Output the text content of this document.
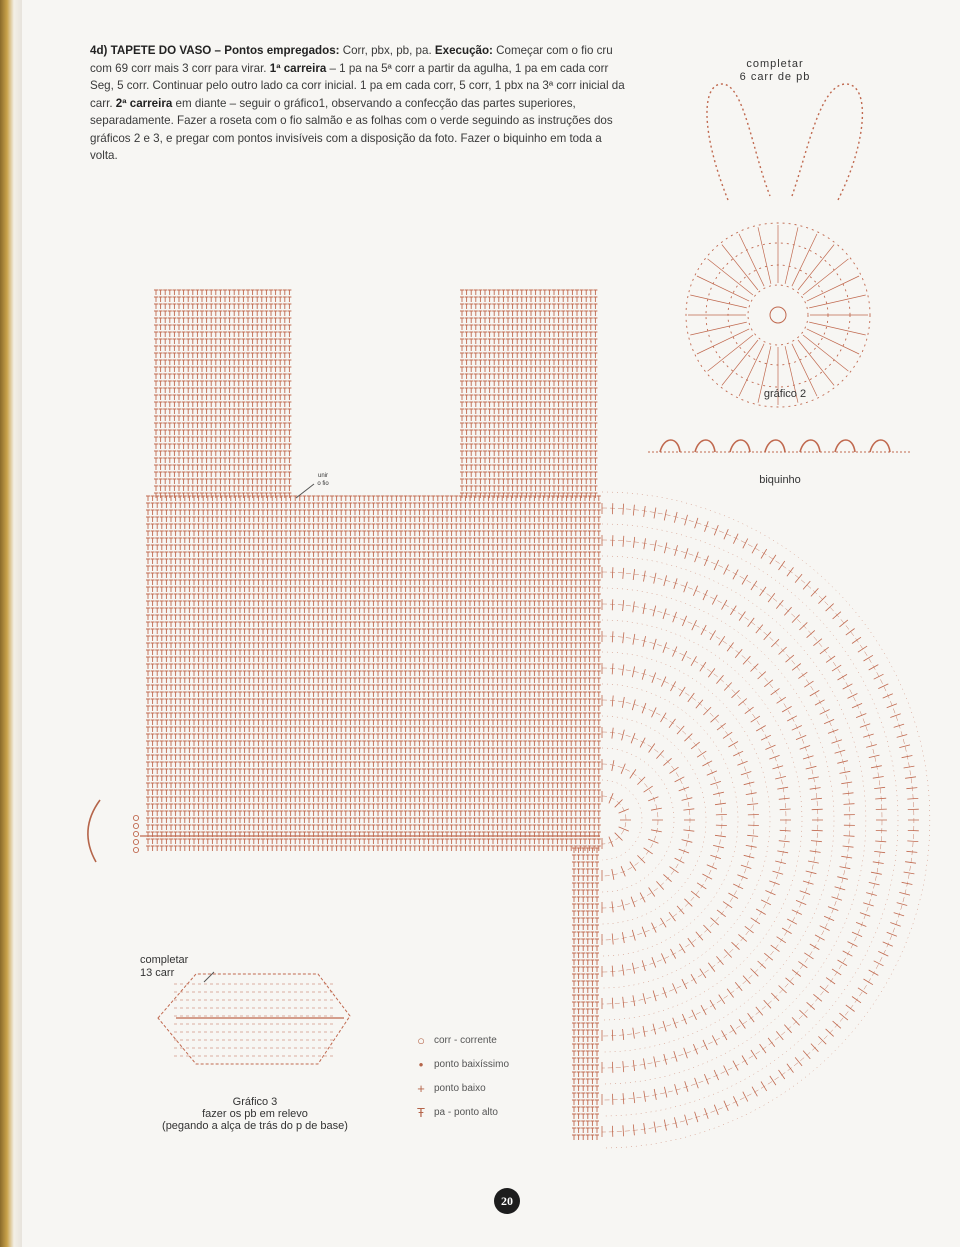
4d) TAPETE DO VASO – Pontos empregados: Corr, pbx, pb, pa. Execução: Começar com o fio cru com 69 corr mais 3 corr para virar. 1ª carreira – 1 pa na 5ª corr a partir da agulha, 1 pa em cada corr Seg, 5 corr. Continuar pelo outro lado ca corr inicial. 1 pa em cada corr, 5 corr, 1 pbx na 3ª corr inicial da carr. 2ª carreira em diante – seguir o gráfico1, observando a confecção das partes superiores, separadamente. Fazer a roseta com o fio salmão e as folhas com o verde seguindo as instruções dos gráficos 2 e 3, e pregar com pontos invisíveis com a disposição da foto. Fazer o biquinho em toda a volta.

completar
6 carr de pb
gráfico 2
biquinho
unir
o fio
completar
13 carr
Gráfico 3
fazer os pb em relevo
(pegando a alça de trás do p de base)
○ corr - corrente
•	ponto baixíssimo
+ ponto baixo
Ŧ pa - ponto alto
20
